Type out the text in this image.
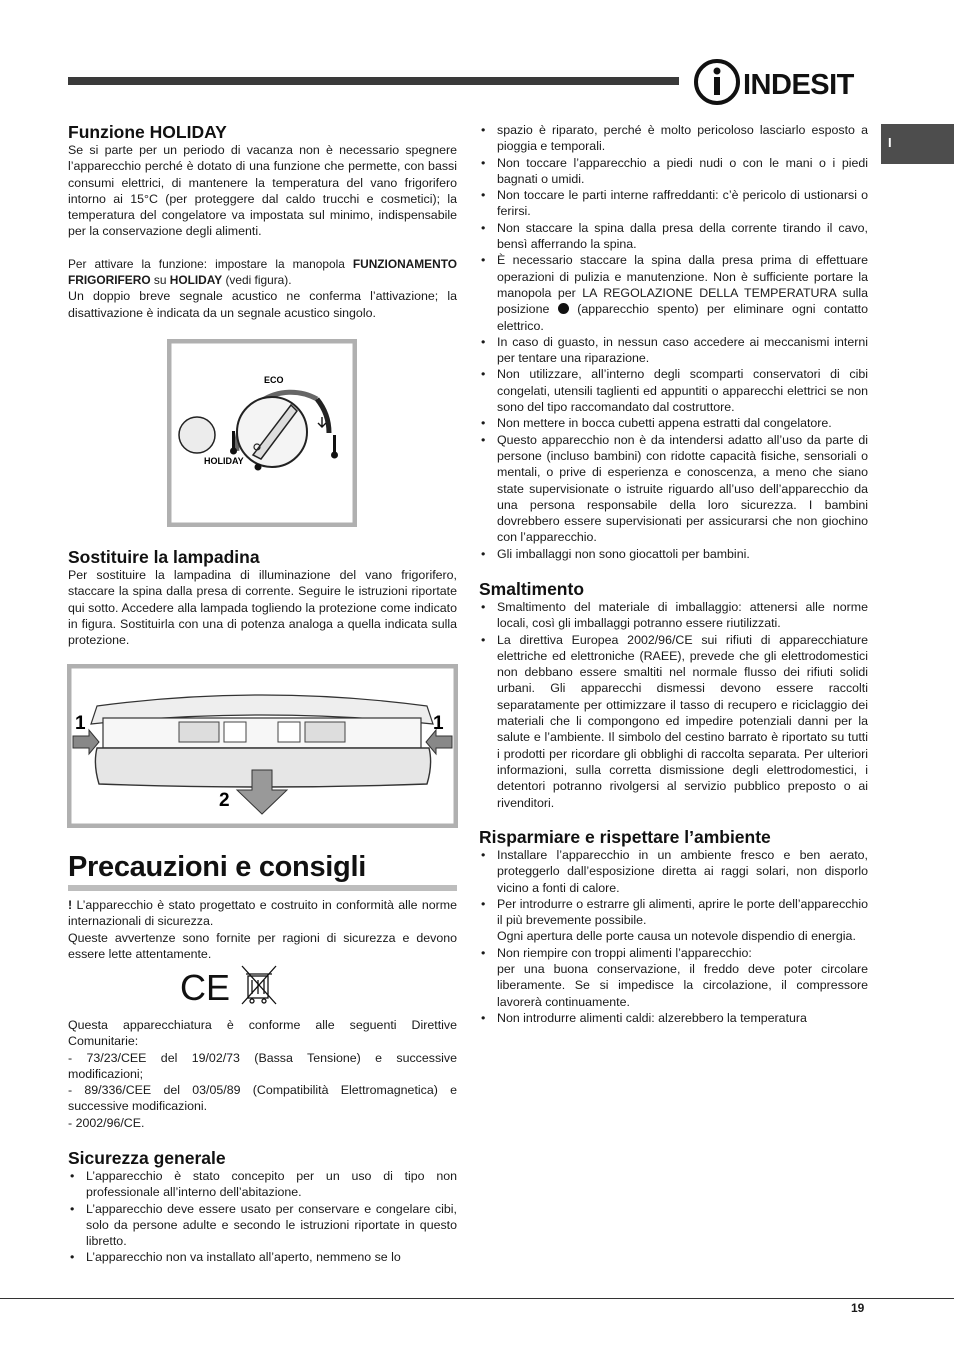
INDESIT
I
Funzione HOLIDAY

Se si parte per un periodo di vacanza non è necessario spegnere l’apparecchio perché è dotato di una funzione che permette, con bassi consumi elettrici, di mantenere la temperatura del vano frigorifero intorno ai 15°C (per proteggere dal caldo trucchi e cosmetici); la temperatura del congelatore va impostata sul minimo, indispensabile per la conservazione degli alimenti.

Per attivare la funzione: impostare la manopola FUNZIONAMENTO FRIGORIFERO su HOLIDAY (vedi figura).

Un doppio breve segnale acustico ne conferma l’attivazione; la disattivazione è indicata da un segnale acustico singolo.

ECO
HOLIDAY
Sostituire la lampadina

Per sostituire la lampadina di illuminazione del vano frigorifero, staccare la spina dalla presa di corrente. Seguire le istruzioni riportate qui sotto. Accedere alla lampada togliendo la protezione come indicato in figura. Sostituirla con una di potenza analoga a quella indicata sulla protezione.

1	1
2
Precauzioni e consigli

! L’apparecchio è stato progettato e costruito in conformità alle norme internazionali di sicurezza.

Queste avvertenze sono fornite per ragioni di sicurezza e devono essere lette attentamente.

CE

Questa apparecchiatura è conforme alle seguenti Direttive Comunitarie:

- 73/23/CEE del 19/02/73 (Bassa Tensione) e successive modificazioni;

- 89/336/CEE del 03/05/89 (Compatibilità Elettromagnetica) e successive modificazioni.

- 2002/96/CE.

Sicurezza generale
• L’apparecchio è stato concepito per un uso di tipo non professionale all’interno dell’abitazione.
• L’apparecchio deve essere usato per conservare e congelare cibi, solo da persone adulte e secondo le istruzioni riportate in questo libretto.
• L’apparecchio non va installato all’aperto, nemmeno se lo
• spazio è riparato, perché è molto pericoloso lasciarlo esposto a pioggia e temporali.
• Non toccare l’apparecchio a piedi nudi o con le mani o i piedi bagnati o umidi.
• Non toccare le parti interne raffreddanti: c’è pericolo di ustionarsi o ferirsi.
• Non staccare la spina dalla presa della corrente tirando il cavo, bensì afferrando la spina.
• È necessario staccare la spina dalla presa prima di effettuare operazioni di pulizia e manutenzione. Non è sufficiente portare la manopola per LA REGOLAZIONE DELLA TEMPERATURA sulla posizione  (apparecchio spento) per eliminare ogni contatto elettrico.
• In caso di guasto, in nessun caso accedere ai meccanismi interni per tentare una riparazione.
• Non utilizzare, all’interno degli scomparti conservatori di cibi congelati, utensili taglienti ed appuntiti o apparecchi elettrici se non sono del tipo raccomandato dal costruttore.
• Non mettere in bocca cubetti appena estratti dal congelatore.
• Questo apparecchio non è da intendersi adatto all’uso da parte di persone (incluso bambini) con ridotte capacità fisiche, sensoriali o mentali, o prive di esperienza e conoscenza, a meno che siano state supervisionate o istruite riguardo all’uso dell’apparecchio da una persona responsabile della loro sicurezza. I bambini dovrebbero essere supervisionati per assicurarsi che non giochino con l’apparecchio.
• Gli imballaggi non sono giocattoli per bambini.
Smaltimento
• Smaltimento del materiale di imballaggio: attenersi alle norme locali, così gli imballaggi potranno essere riutilizzati.
• La direttiva Europea 2002/96/CE sui rifiuti di apparecchiature elettriche ed elettroniche (RAEE), prevede che gli elettrodomestici non debbano essere smaltiti nel normale flusso dei rifiuti solidi urbani. Gli apparecchi dismessi devono essere raccolti separatamente per ottimizzare il tasso di recupero e riciclaggio dei materiali che li compongono ed impedire potenziali danni per la salute e l’ambiente. Il simbolo del cestino barrato è riportato su tutti i prodotti per ricordare gli obblighi di raccolta separata. Per ulteriori informazioni, sulla corretta dismissione degli elettrodomestici, i detentori potranno rivolgersi al servizio pubblico preposto o ai rivenditori.
Risparmiare e rispettare l’ambiente
• Installare l’apparecchio in un ambiente fresco e ben aerato, proteggerlo dall’esposizione diretta ai raggi solari, non disporlo vicino a fonti di calore.
• Per introdurre o estrarre gli alimenti, aprire le porte dell’apparecchio il più brevemente possibile.
Ogni apertura delle porte causa un notevole dispendio di energia.
• Non riempire con troppi alimenti l’apparecchio:
per una buona conservazione, il freddo deve poter circolare liberamente. Se si impedisce la circolazione, il compressore lavorerà continuamente.
• Non introdurre alimenti caldi: alzerebbero la temperatura
19
